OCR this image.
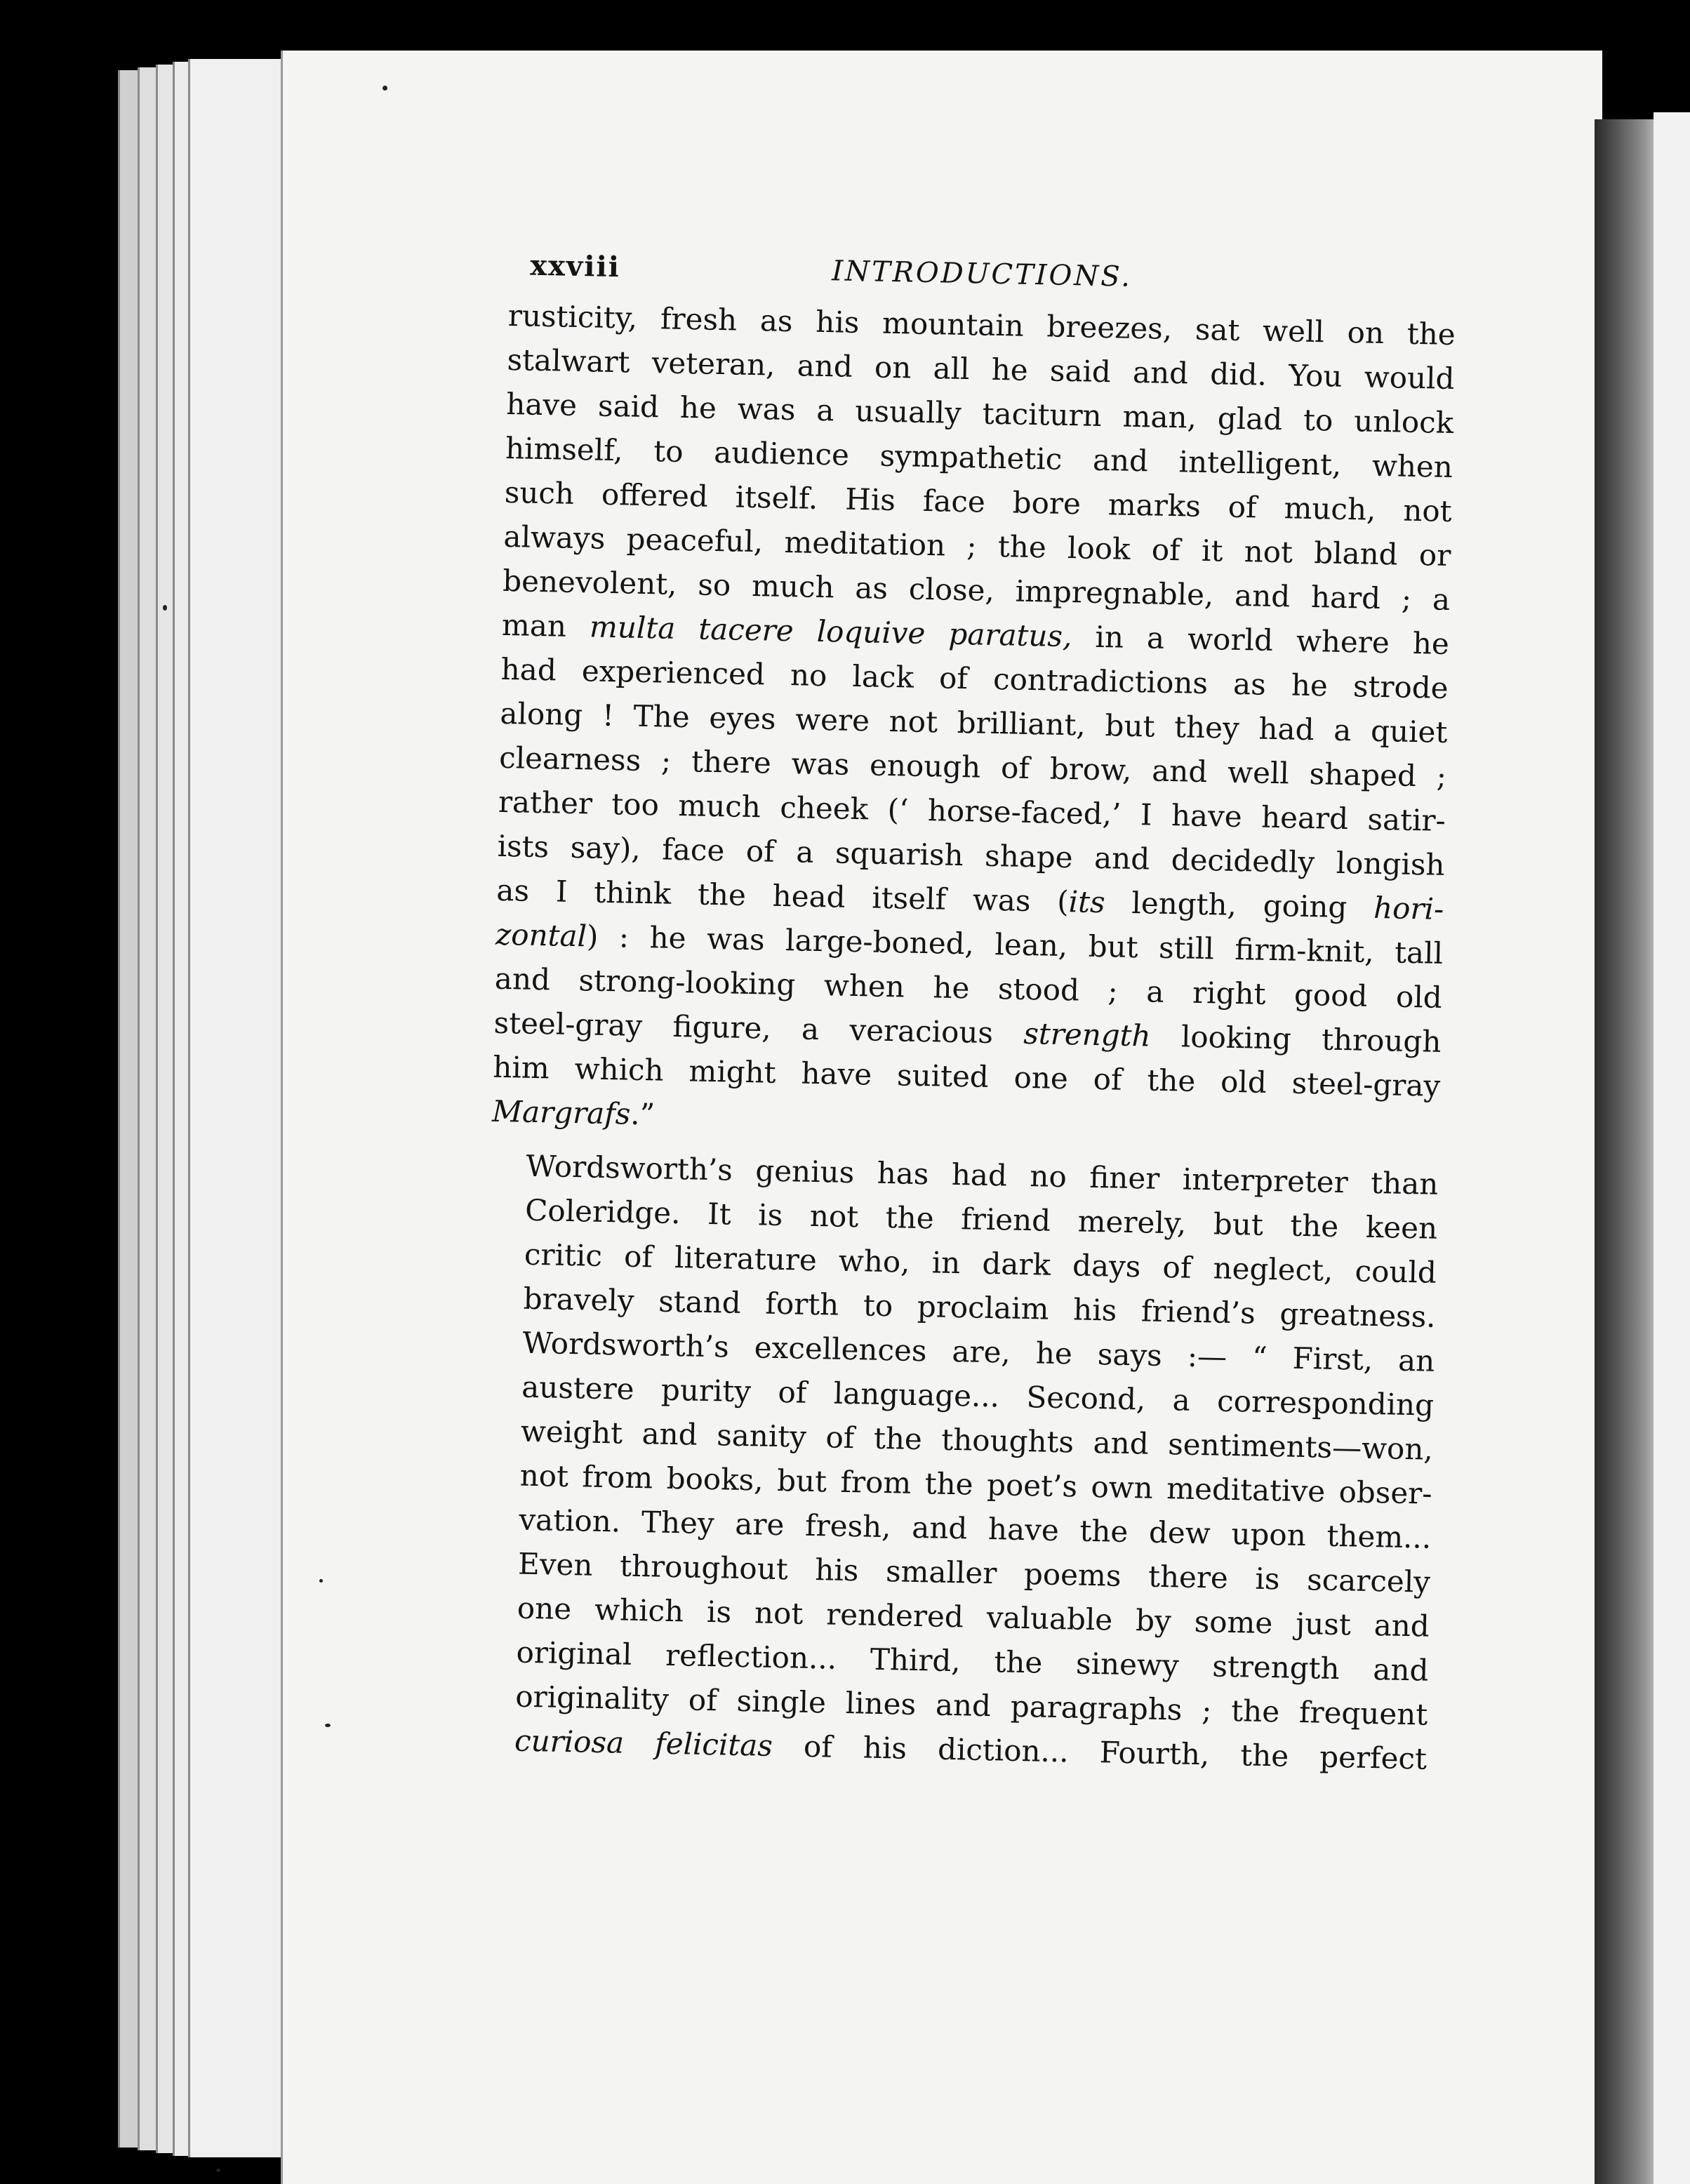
xxviii	INTRODUCTIONS.

rusticity, fresh as his mountain breezes, sat well on the
stalwart veteran, and on all he said and did. You would
have said he was a usually taciturn man, glad to unlock
himself, to audience sympathetic and intelligent, when
such offered itself. His face bore marks of much, not
always peaceful, meditation ; the look of it not bland or
benevolent, so much as close, impregnable, and hard ; a
man multa tacere loquive paratus, in a world where he
had experienced no lack of contradictions as he strode
along ! The eyes were not brilliant, but they had a quiet
clearness ; there was enough of brow, and well shaped ;
rather too much cheek (‘ horse-faced,’ I have heard satir-
ists say), face of a squarish shape and decidedly longish
as I think the head itself was (its length, going hori-
zontal) : he was large-boned, lean, but still firm-knit, tall
and strong-looking when he stood ; a right good old
steel-gray figure, a veracious strength looking through
him which might have suited one of the old steel-gray
Margrafs.”

Wordsworth’s genius has had no finer interpreter than
Coleridge. It is not the friend merely, but the keen
critic of literature who, in dark days of neglect, could
bravely stand forth to proclaim his friend’s greatness.
Wordsworth’s excellences are, he says :— “ First, an
austere purity of language... Second, a corresponding
weight and sanity of the thoughts and sentiments—won,
not from books, but from the poet’s own meditative obser-
vation. They are fresh, and have the dew upon them...
Even throughout his smaller poems there is scarcely
one which is not rendered valuable by some just and
original reflection... Third, the sinewy strength and
originality of single lines and paragraphs ; the frequent
curiosa felicitas of his diction... Fourth, the perfect
